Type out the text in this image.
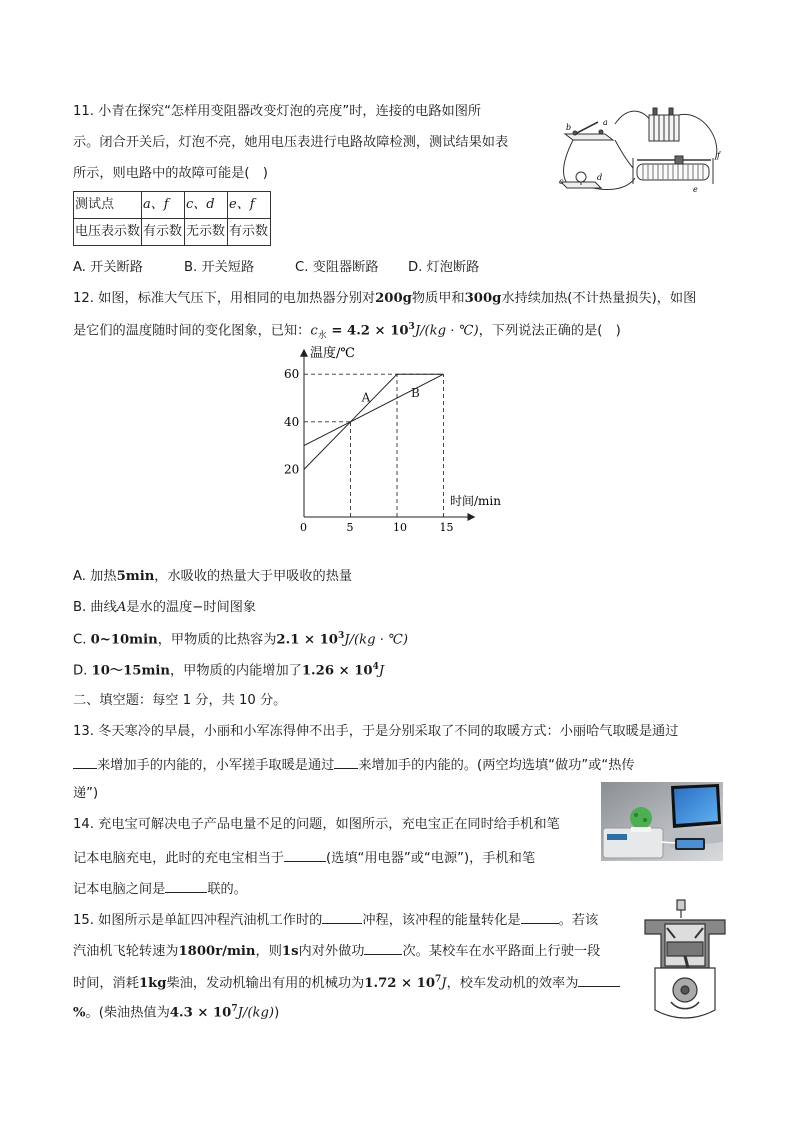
11. 小青在探究“怎样用变阻器改变灯泡的亮度”时，连接的电路如图所
示。闭合开关后，灯泡不亮，她用电压表进行电路故障检测，测试结果如表
所示，则电路中的故障可能是(　)
测试点	a、f	c、d	e、f
电压表示数	有示数	无示数	有示数
A. 开关断路	B. 开关短路	C. 变阻器断路 D. 灯泡断路
b
a
c	d
e
f
12. 如图，标准大气压下，用相同的电加热器分别对200g物质甲和300g水持续加热(不计热量损失)，如图
是它们的温度随时间的变化图象，已知：$c_水 = 4.2 \times 10^3J/(kg$ · ℃)，下列说法正确的是(　)
A	B
0	5	10	15
20
40
60
温度/℃
时间/min
A. 加热5min，水吸收的热量大于甲吸收的热量
B. 曲线A是水的温度−时间图象
C. 0~10min，甲物质的比热容为$2.1 \times 10^3J/(kg$ · ℃)
D. 10～15min，甲物质的内能增加了$1.26 \times 10^4J$
二、填空题：每空 1 分，共 10 分。
13. 冬天寒冷的早晨，小丽和小军冻得伸不出手，于是分别采取了不同的取暖方式：小丽哈气取暖是通过
来增加手的内能的，小军搓手取暖是通过 来增加手的内能的。(两空均选填“做功”或“热传
递”)
14. 充电宝可解决电子产品电量不足的问题，如图所示，充电宝正在同时给手机和笔
记本电脑充电，此时的充电宝相当于	(选填“用电器”或“电源”)，手机和笔
记本电脑之间是	联的。
15. 如图所示是单缸四冲程汽油机工作时的	冲程，该冲程的能量转化是	。若该
汽油机飞轮转速为1800r/min，则1s内对外做功	次。某校车在水平路面上行驶一段
时间，消耗1kg柴油，发动机输出有用的机械功为$1.72 \times 10^7J$，校车发动机的效率为
%。(柴油热值为$4.3 \times 10^7J/(kg)$)
